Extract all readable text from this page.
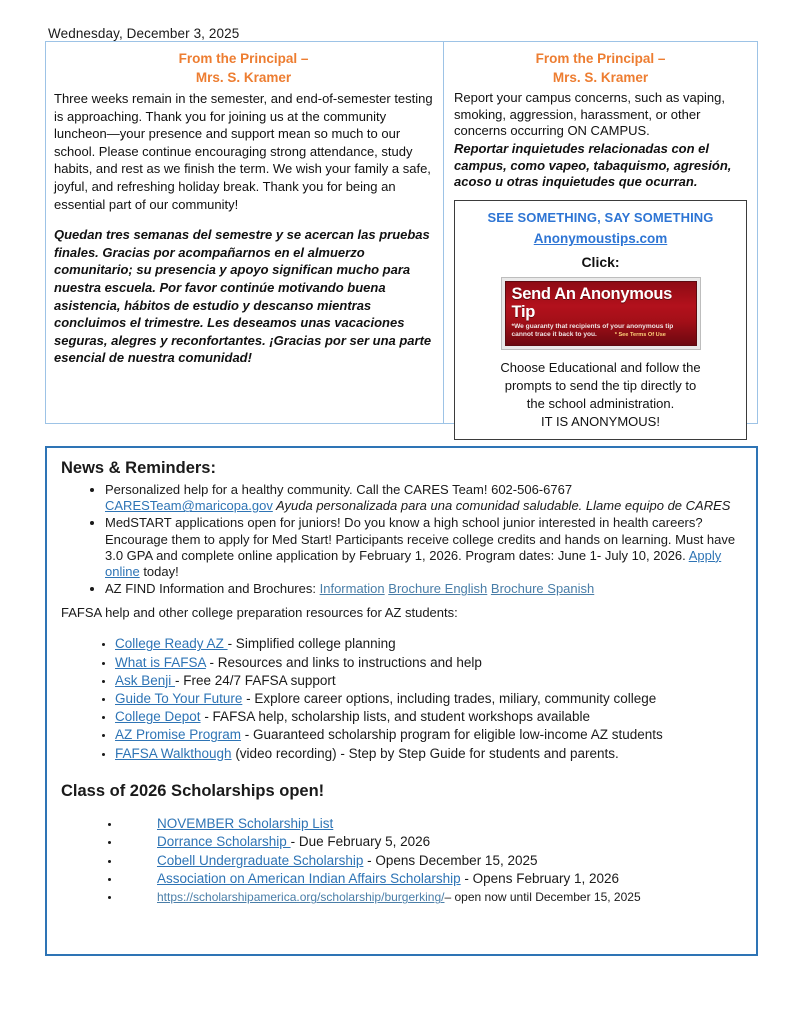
Wednesday, December 3, 2025
From the Principal –
Mrs. S. Kramer
Three weeks remain in the semester, and end-of-semester testing is approaching. Thank you for joining us at the community luncheon—your presence and support mean so much to our school. Please continue encouraging strong attendance, study habits, and rest as we finish the term. We wish your family a safe, joyful, and refreshing holiday break. Thank you for being an essential part of our community!
Quedan tres semanas del semestre y se acercan las pruebas finales. Gracias por acompañarnos en el almuerzo comunitario; su presencia y apoyo significan mucho para nuestra escuela. Por favor continúe motivando buena asistencia, hábitos de estudio y descanso mientras concluimos el trimestre. Les deseamos unas vacaciones seguras, alegres y reconfortantes. ¡Gracias por ser una parte esencial de nuestra comunidad!
From the Principal –
Mrs. S. Kramer
Report your campus concerns, such as vaping, smoking, aggression, harassment, or other concerns occurring ON CAMPUS.
Reportar inquietudes relacionadas con el campus, como vapeo, tabaquismo, agresión, acoso u otras inquietudes que ocurran.
SEE SOMETHING, SAY SOMETHING
Anonymoustips.com
Click:
Send An Anonymous Tip
*We guaranty that recipients of your anonymous tip cannot trace it back to you.	* See Terms Of Use
Choose Educational and follow the
prompts to send the tip directly to
the school administration.
IT IS ANONYMOUS!
News & Reminders:
• Personalized help for a healthy community. Call the CARES Team! 602-506-6767
CARESTeam@maricopa.gov Ayuda personalizada para una comunidad saludable. Llame equipo de CARES
• MedSTART applications open for juniors! Do you know a high school junior interested in health careers? Encourage them to apply for Med Start! Participants receive college credits and hands on learning. Must have 3.0 GPA and complete online application by February 1, 2026. Program dates: June 1- July 10, 2026. Apply online today!
• AZ FIND Information and Brochures: Information Brochure English Brochure Spanish
FAFSA help and other college preparation resources for AZ students:
• College Ready AZ - Simplified college planning
• What is FAFSA - Resources and links to instructions and help
• Ask Benji - Free 24/7 FAFSA support
• Guide To Your Future - Explore career options, including trades, miliary, community college
• College Depot - FAFSA help, scholarship lists, and student workshops available
• AZ Promise Program - Guaranteed scholarship program for eligible low-income AZ students
• FAFSA Walkthough (video recording) - Step by Step Guide for students and parents.
Class of 2026 Scholarships open!
• NOVEMBER Scholarship List
• Dorrance Scholarship - Due February 5, 2026
• Cobell Undergraduate Scholarship - Opens December 15, 2025
• Association on American Indian Affairs Scholarship - Opens February 1, 2026
• https://scholarshipamerica.org/scholarship/burgerking/– open now until December 15, 2025
